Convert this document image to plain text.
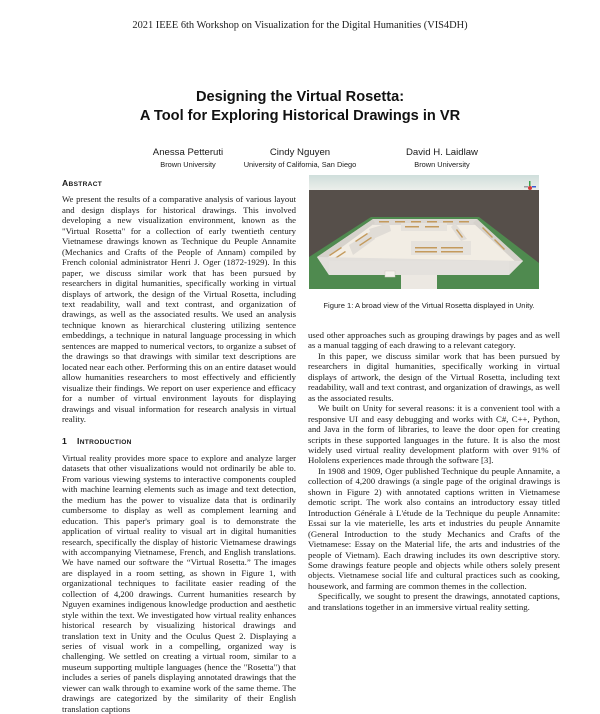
2021 IEEE 6th Workshop on Visualization for the Digital Humanities (VIS4DH)
Designing the Virtual Rosetta:
A Tool for Exploring Historical Drawings in VR
Anessa Petteruti
Brown University
Cindy Nguyen
University of California, San Diego
David H. Laidlaw
Brown University
ABSTRACT

We present the results of a comparative analysis of various layout and design displays for historical drawings. This involved developing a new visualization environment, known as the "Virtual Rosetta" for a collection of early twentieth century Vietnamese drawings known as Technique du Peuple Annamite (Mechanics and Crafts of the People of Annam) compiled by French colonial administrator Henri J. Oger (1872-1929). In this paper, we discuss similar work that has been pursued by researchers in digital humanities, specifically working in virtual displays of artwork, the design of the Virtual Rosetta, including text readability, wall and text contrast, and organization of drawings, as well as the associated results. We used an analysis technique known as hierarchical clustering utilizing sentence embeddings, a technique in natural language processing in which sentences are mapped to numerical vectors, to organize a subset of the drawings so that drawings with similar text descriptions are located near each other. Performing this on an entire dataset would allow humanities researchers to most effectively and efficiently visualize their findings. We report on user experience and efficacy for a number of virtual environment layouts for displaying drawings and visual information for research analysis in virtual reality.

1 INTRODUCTION

Virtual reality provides more space to explore and analyze larger datasets that other visualizations would not ordinarily be able to. From various viewing systems to interactive components coupled with machine learning elements such as image and text detection, the medium has the power to visualize data that is ordinarily cumbersome to display as well as complement learning and education. This paper's primary goal is to demonstrate the application of virtual reality to visual art in digital humanities research, specifically the display of historic Vietnamese drawings with accompanying Vietnamese, French, and English translations. We have named our software the “Virtual Rosetta.” The images are displayed in a room setting, as shown in Figure 1, with organizational techniques to facilitate easier reading of the collection of 4,200 drawings. Current humanities research by Nguyen examines indigenous knowledge production and aesthetic style within the text. We investigated how virtual reality enhances historical research by visualizing historical drawings and translation text in Unity and the Oculus Quest 2. Displaying a series of visual work in a compelling, organized way is challenging. We settled on creating a virtual room, similar to a museum supporting multiple languages (hence the "Rosetta") that includes a series of panels displaying annotated drawings that the viewer can walk through to examine work of the same theme. The drawings are categorized by the similarity of their English translation captions

Figure 1: A broad view of the Virtual Rosetta displayed in Unity.

used other approaches such as grouping drawings by pages and as well as a manual tagging of each drawing to a relevant category.

In this paper, we discuss similar work that has been pursued by researchers in digital humanities, specifically working in virtual displays of artwork, the design of the Virtual Rosetta, including text readability, wall and text contrast, and organization of drawings, as well as the associated results.

We built on Unity for several reasons: it is a convenient tool with a responsive UI and easy debugging and works with C#, C++, Python, and Java in the form of libraries, to leave the door open for creating scripts in these supported languages in the future. It is also the most widely used virtual reality development platform with over 91% of Hololens experiences made through the software [3].

In 1908 and 1909, Oger published Technique du peuple Annamite, a collection of 4,200 drawings (a single page of the original drawings is shown in Figure 2) with annotated captions written in Vietnamese demotic script. The work also contains an introductory essay titled Introduction Générale à L'étude de la Technique du peuple Annamite: Essai sur la vie materielle, les arts et industries du peuple Annamite (General Introduction to the study Mechanics and Crafts of the Vietnamese: Essay on the Material life, the arts and industries of the people of Vietnam). Each drawing includes its own descriptive story. Some drawings feature people and objects while others solely present objects. Vietnamese social life and cultural practices such as cooking, housework, and farming are common themes in the collection.

Specifically, we sought to present the drawings, annotated captions, and translations together in an immersive virtual reality setting.
